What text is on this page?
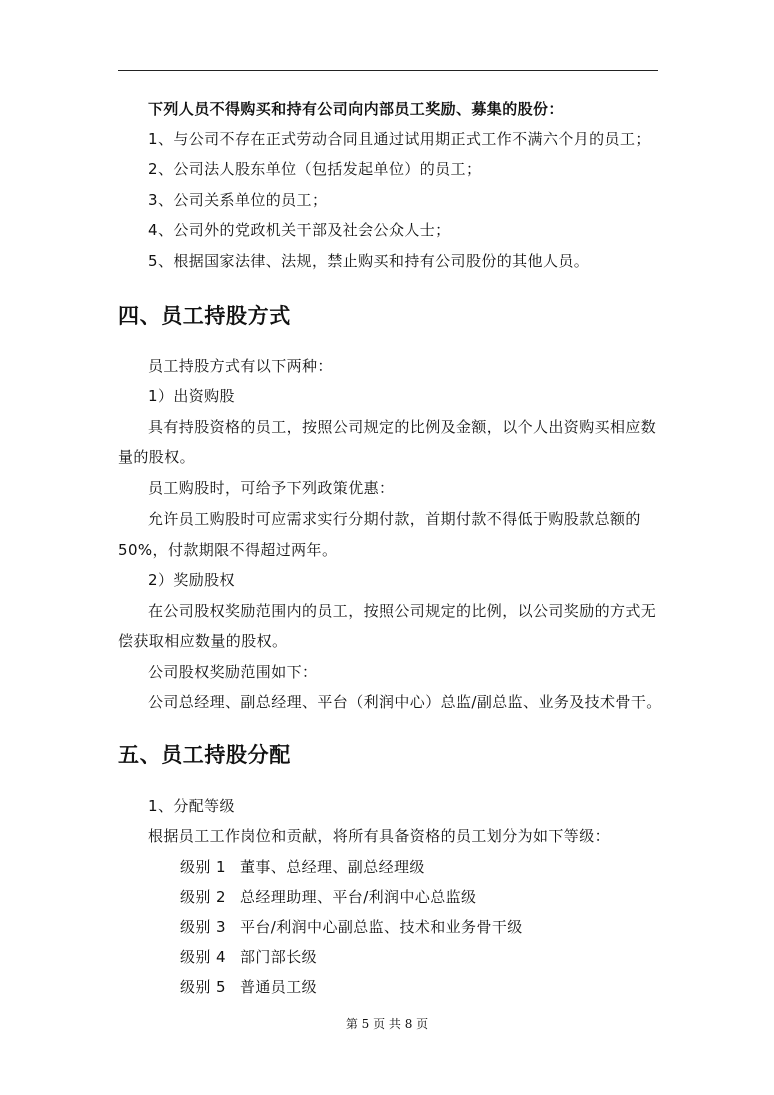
下列人员不得购买和持有公司向内部员工奖励、募集的股份：
1、与公司不存在正式劳动合同且通过试用期正式工作不满六个月的员工；
2、公司法人股东单位（包括发起单位）的员工；
3、公司关系单位的员工；
4、公司外的党政机关干部及社会公众人士；
5、根据国家法律、法规，禁止购买和持有公司股份的其他人员。
四、员工持股方式
员工持股方式有以下两种：
1）出资购股
具有持股资格的员工，按照公司规定的比例及金额，以个人出资购买相应数
量的股权。
员工购股时，可给予下列政策优惠：
允许员工购股时可应需求实行分期付款，首期付款不得低于购股款总额的
50%，付款期限不得超过两年。
2）奖励股权
在公司股权奖励范围内的员工，按照公司规定的比例，以公司奖励的方式无
偿获取相应数量的股权。
公司股权奖励范围如下：
公司总经理、副总经理、平台（利润中心）总监/副总监、业务及技术骨干。
五、员工持股分配
1、分配等级
根据员工工作岗位和贡献，将所有具备资格的员工划分为如下等级：
级别 1 董事、总经理、副总经理级
级别 2 总经理助理、平台/利润中心总监级
级别 3 平台/利润中心副总监、技术和业务骨干级
级别 4 部门部长级
级别 5 普通员工级
第 5 页 共 8 页
